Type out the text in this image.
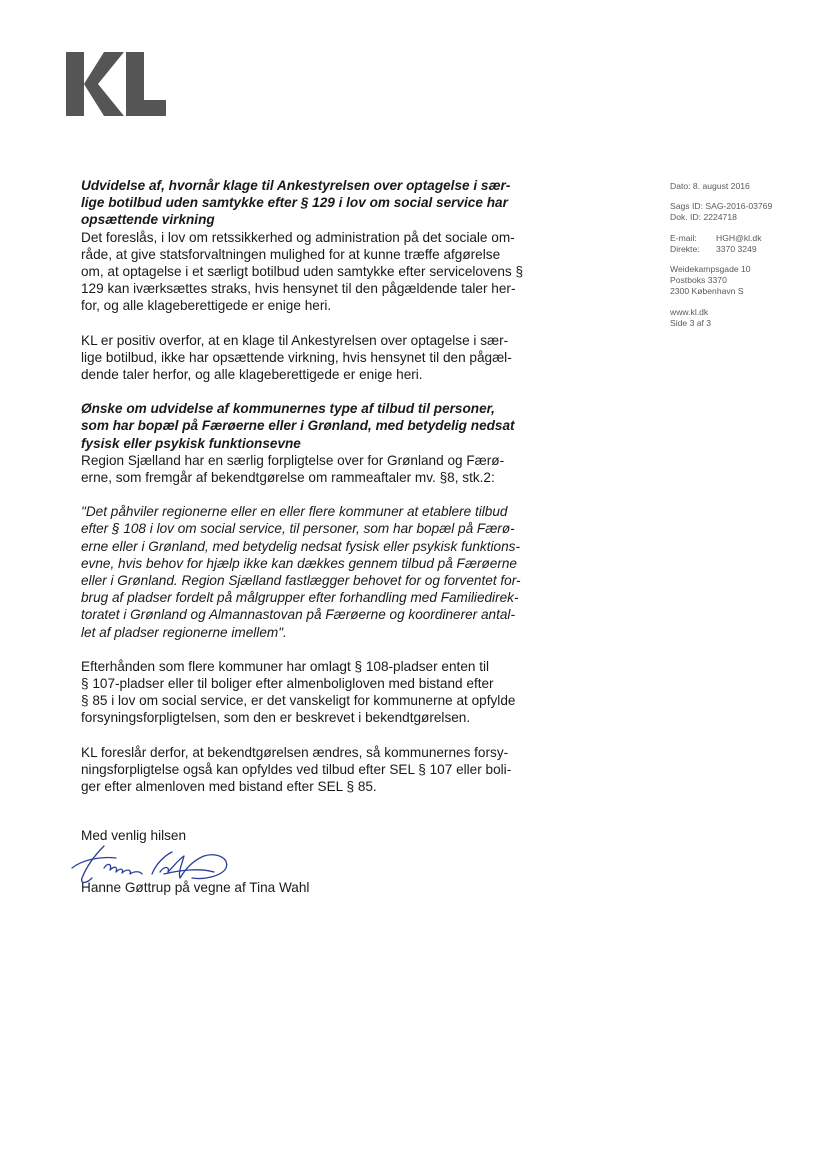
Dato: 8. august 2016
Sags ID: SAG-2016-03769
Dok. ID: 2224718
E-mail: HGH@kl.dk
Direkte: 3370 3249
Weidekampsgade 10
Postboks 3370
2300 København S
www.kl.dk
Side 3 af 3

Udvidelse af, hvornår klage til Ankestyrelsen over optagelse i sær-

lige botilbud uden samtykke efter § 129 i lov om social service har

opsættende virkning

Det foreslås, i lov om retssikkerhed og administration på det sociale om-

råde, at give statsforvaltningen mulighed for at kunne træffe afgørelse

om, at optagelse i et særligt botilbud uden samtykke efter servicelovens §

129 kan iværksættes straks, hvis hensynet til den pågældende taler her-

for, og alle klageberettigede er enige heri.

KL er positiv overfor, at en klage til Ankestyrelsen over optagelse i sær-

lige botilbud, ikke har opsættende virkning, hvis hensynet til den pågæl-

dende taler herfor, og alle klageberettigede er enige heri.

Ønske om udvidelse af kommunernes type af tilbud til personer,

som har bopæl på Færøerne eller i Grønland, med betydelig nedsat

fysisk eller psykisk funktionsevne

Region Sjælland har en særlig forpligtelse over for Grønland og Færø-

erne, som fremgår af bekendtgørelse om rammeaftaler mv. §8, stk.2:

"Det påhviler regionerne eller en eller flere kommuner at etablere tilbud

efter § 108 i lov om social service, til personer, som har bopæl på Færø-

erne eller i Grønland, med betydelig nedsat fysisk eller psykisk funktions-

evne, hvis behov for hjælp ikke kan dækkes gennem tilbud på Færøerne

eller i Grønland. Region Sjælland fastlægger behovet for og forventet for-

brug af pladser fordelt på målgrupper efter forhandling med Familiedirek-

toratet i Grønland og Almannastovan på Færøerne og koordinerer antal-

let af pladser regionerne imellem".

Efterhånden som flere kommuner har omlagt § 108-pladser enten til

§ 107-pladser eller til boliger efter almenboligloven med bistand efter

§ 85 i lov om social service, er det vanskeligt for kommunerne at opfylde

forsyningsforpligtelsen, som den er beskrevet i bekendtgørelsen.

KL foreslår derfor, at bekendtgørelsen ændres, så kommunernes forsy-

ningsforpligtelse også kan opfyldes ved tilbud efter SEL § 107 eller boli-

ger efter almenloven med bistand efter SEL § 85.

Med venlig hilsen
Hanne Gøttrup på vegne af Tina Wahl
